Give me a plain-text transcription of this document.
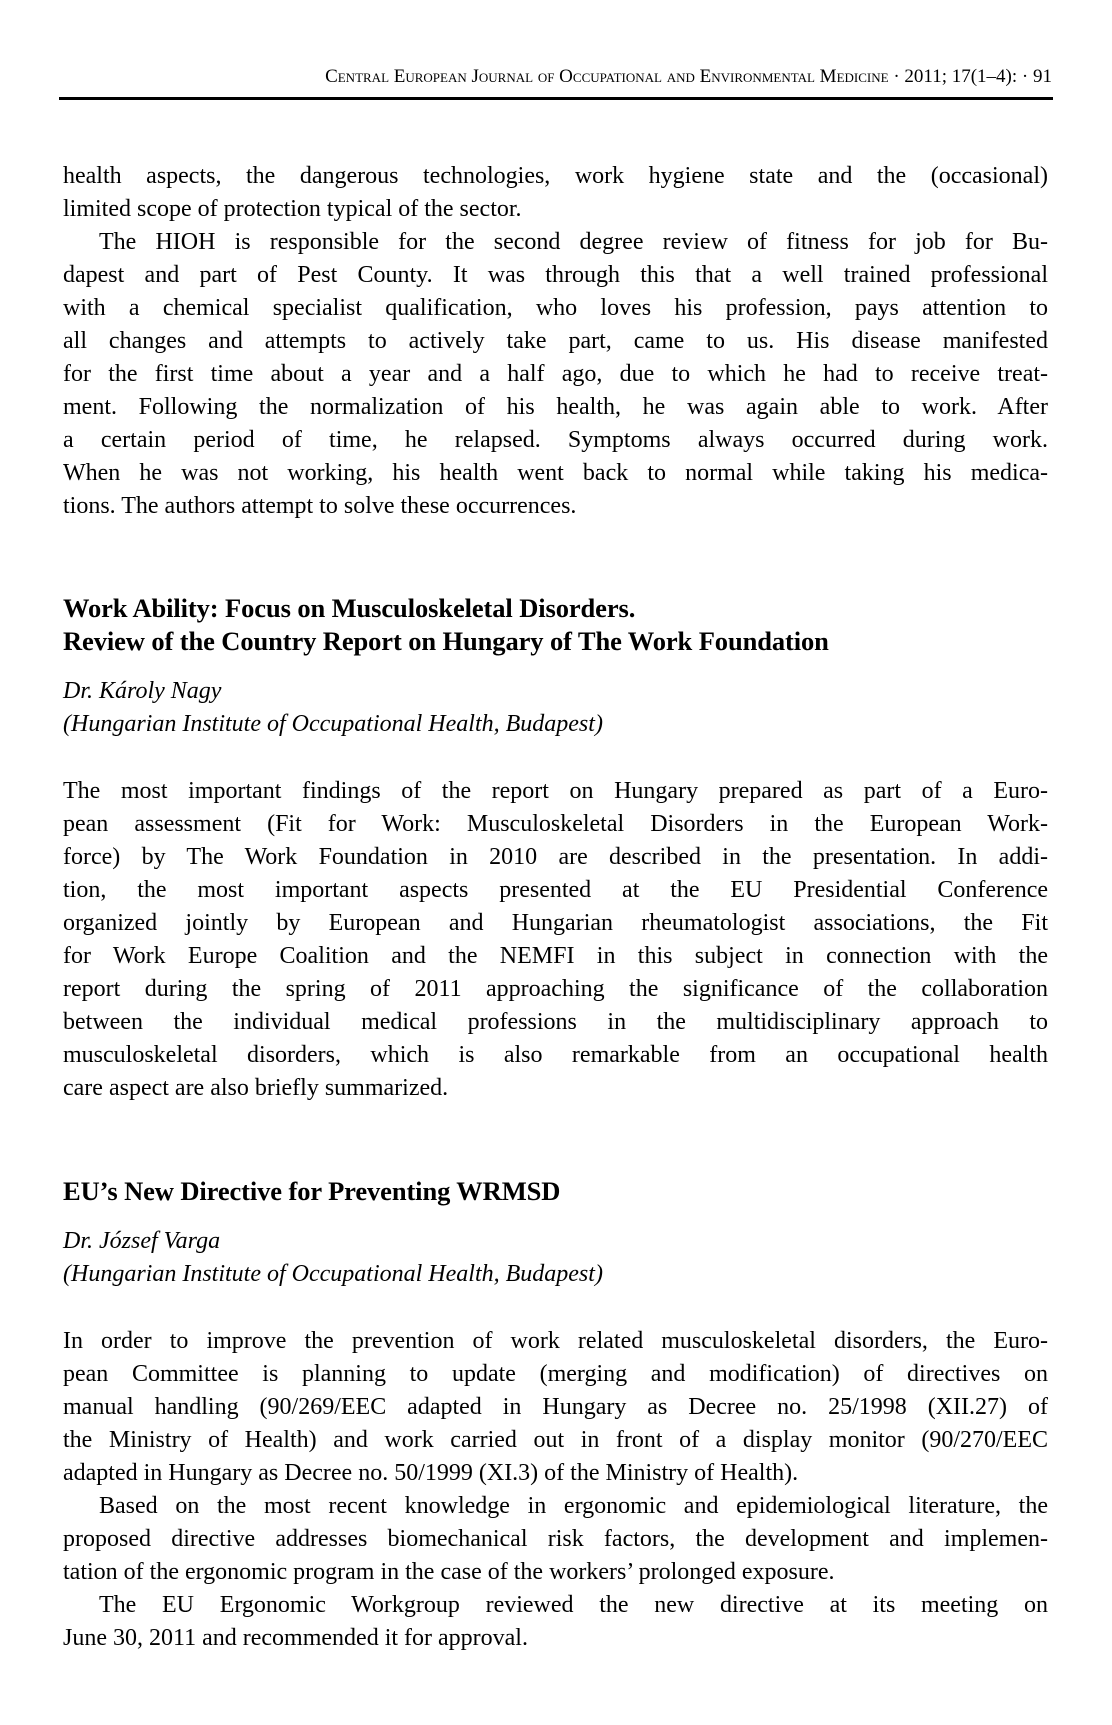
Central European Journal of Occupational and Environmental Medicine · 2011; 17(1–4): · 91
health aspects, the dangerous technologies, work hygiene state and the (occasional)
limited scope of protection typical of the sector.
The HIOH is responsible for the second degree review of fitness for job for Bu-
dapest and part of Pest County. It was through this that a well trained professional
with a chemical specialist qualification, who loves his profession, pays attention to
all changes and attempts to actively take part, came to us. His disease manifested
for the first time about a year and a half ago, due to which he had to receive treat-
ment. Following the normalization of his health, he was again able to work. After
a certain period of time, he relapsed. Symptoms always occurred during work.
When he was not working, his health went back to normal while taking his medica-
tions. The authors attempt to solve these occurrences.
Work Ability: Focus on Musculoskeletal Disorders.
Review of the Country Report on Hungary of The Work Foundation

Dr. Károly Nagy

(Hungarian Institute of Occupational Health, Budapest)

The most important findings of the report on Hungary prepared as part of a Euro-
pean assessment (Fit for Work: Musculoskeletal Disorders in the European Work-
force) by The Work Foundation in 2010 are described in the presentation. In addi-
tion, the most important aspects presented at the EU Presidential Conference
organized jointly by European and Hungarian rheumatologist associations, the Fit
for Work Europe Coalition and the NEMFI in this subject in connection with the
report during the spring of 2011 approaching the significance of the collaboration
between the individual medical professions in the multidisciplinary approach to
musculoskeletal disorders, which is also remarkable from an occupational health
care aspect are also briefly summarized.
EU’s New Directive for Preventing WRMSD

Dr. József Varga

(Hungarian Institute of Occupational Health, Budapest)

In order to improve the prevention of work related musculoskeletal disorders, the Euro-
pean Committee is planning to update (merging and modification) of directives on
manual handling (90/269/EEC adapted in Hungary as Decree no. 25/1998 (XII.27) of
the Ministry of Health) and work carried out in front of a display monitor (90/270/EEC
adapted in Hungary as Decree no. 50/1999 (XI.3) of the Ministry of Health).
Based on the most recent knowledge in ergonomic and epidemiological literature, the
proposed directive addresses biomechanical risk factors, the development and implemen-
tation of the ergonomic program in the case of the workers’ prolonged exposure.
The EU Ergonomic Workgroup reviewed the new directive at its meeting on
June 30, 2011 and recommended it for approval.
